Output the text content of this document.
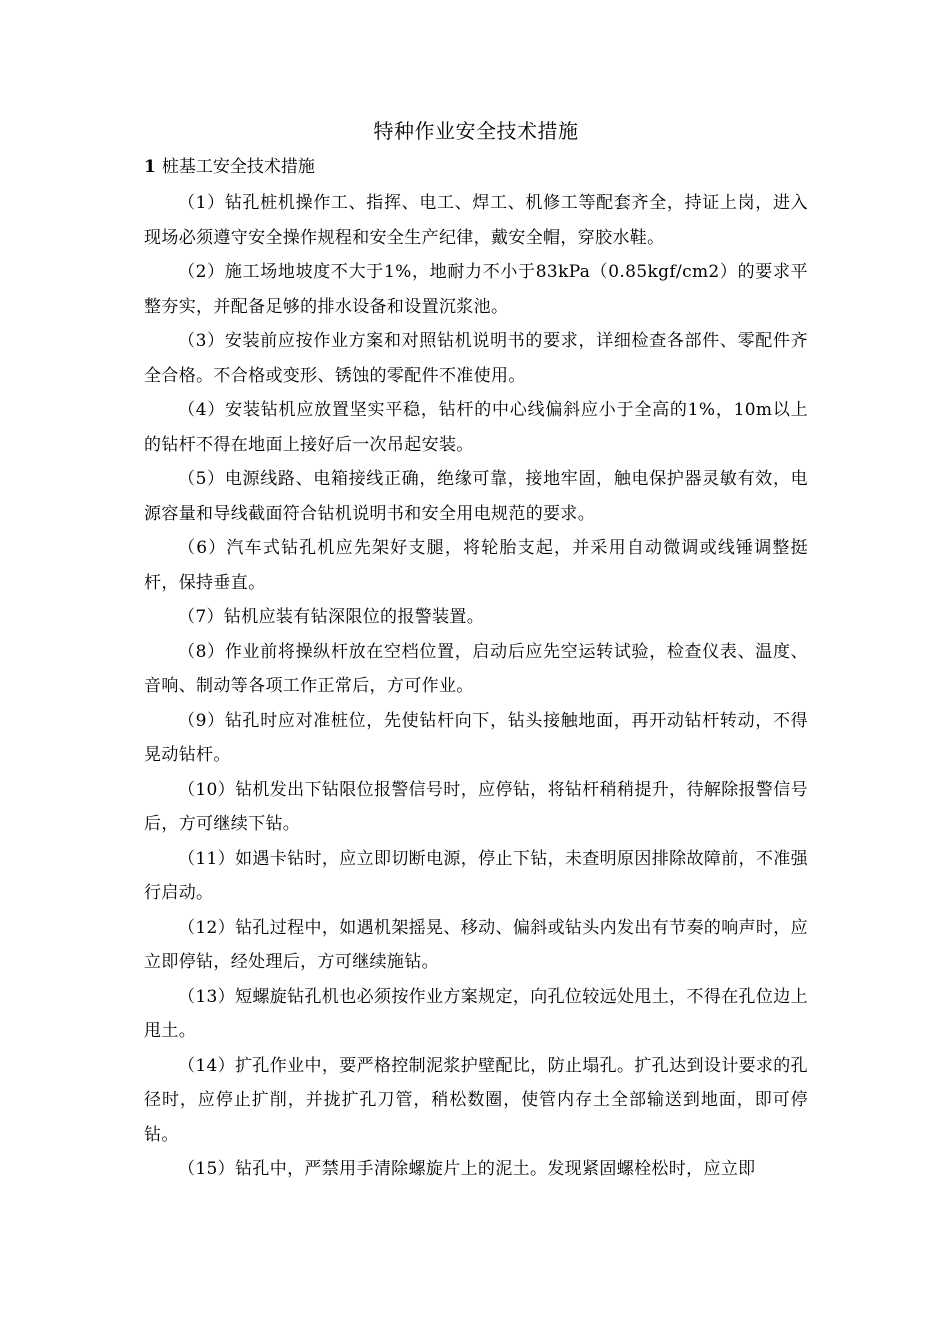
特种作业安全技术措施
1 桩基工安全技术措施

（1）钻孔桩机操作工、指挥、电工、焊工、机修工等配套齐全，持证上岗，进入现场必须遵守安全操作规程和安全生产纪律，戴安全帽，穿胶水鞋。

（2）施工场地坡度不大于1%，地耐力不小于83kPa（0.85kgf/cm2）的要求平整夯实，并配备足够的排水设备和设置沉浆池。

（3）安装前应按作业方案和对照钻机说明书的要求，详细检查各部件、零配件齐全合格。不合格或变形、锈蚀的零配件不准使用。

（4）安装钻机应放置坚实平稳，钻杆的中心线偏斜应小于全高的1%，10m以上的钻杆不得在地面上接好后一次吊起安装。

（5）电源线路、电箱接线正确，绝缘可靠，接地牢固，触电保护器灵敏有效，电源容量和导线截面符合钻机说明书和安全用电规范的要求。

（6）汽车式钻孔机应先架好支腿，将轮胎支起，并采用自动微调或线锤调整挺杆，保持垂直。

（7）钻机应装有钻深限位的报警装置。

（8）作业前将操纵杆放在空档位置，启动后应先空运转试验，检查仪表、温度、音响、制动等各项工作正常后，方可作业。

（9）钻孔时应对准桩位，先使钻杆向下，钻头接触地面，再开动钻杆转动，不得晃动钻杆。

（10）钻机发出下钻限位报警信号时，应停钻，将钻杆稍稍提升，待解除报警信号后，方可继续下钻。

（11）如遇卡钻时，应立即切断电源，停止下钻，未查明原因排除故障前，不准强行启动。

（12）钻孔过程中，如遇机架摇晃、移动、偏斜或钻头内发出有节奏的响声时，应立即停钻，经处理后，方可继续施钻。

（13）短螺旋钻孔机也必须按作业方案规定，向孔位较远处甩土，不得在孔位边上甩土。

（14）扩孔作业中，要严格控制泥浆护壁配比，防止塌孔。扩孔达到设计要求的孔径时，应停止扩削，并拢扩孔刀管，稍松数圈，使管内存土全部输送到地面，即可停钻。

（15）钻孔中，严禁用手清除螺旋片上的泥土。发现紧固螺栓松时，应立即
